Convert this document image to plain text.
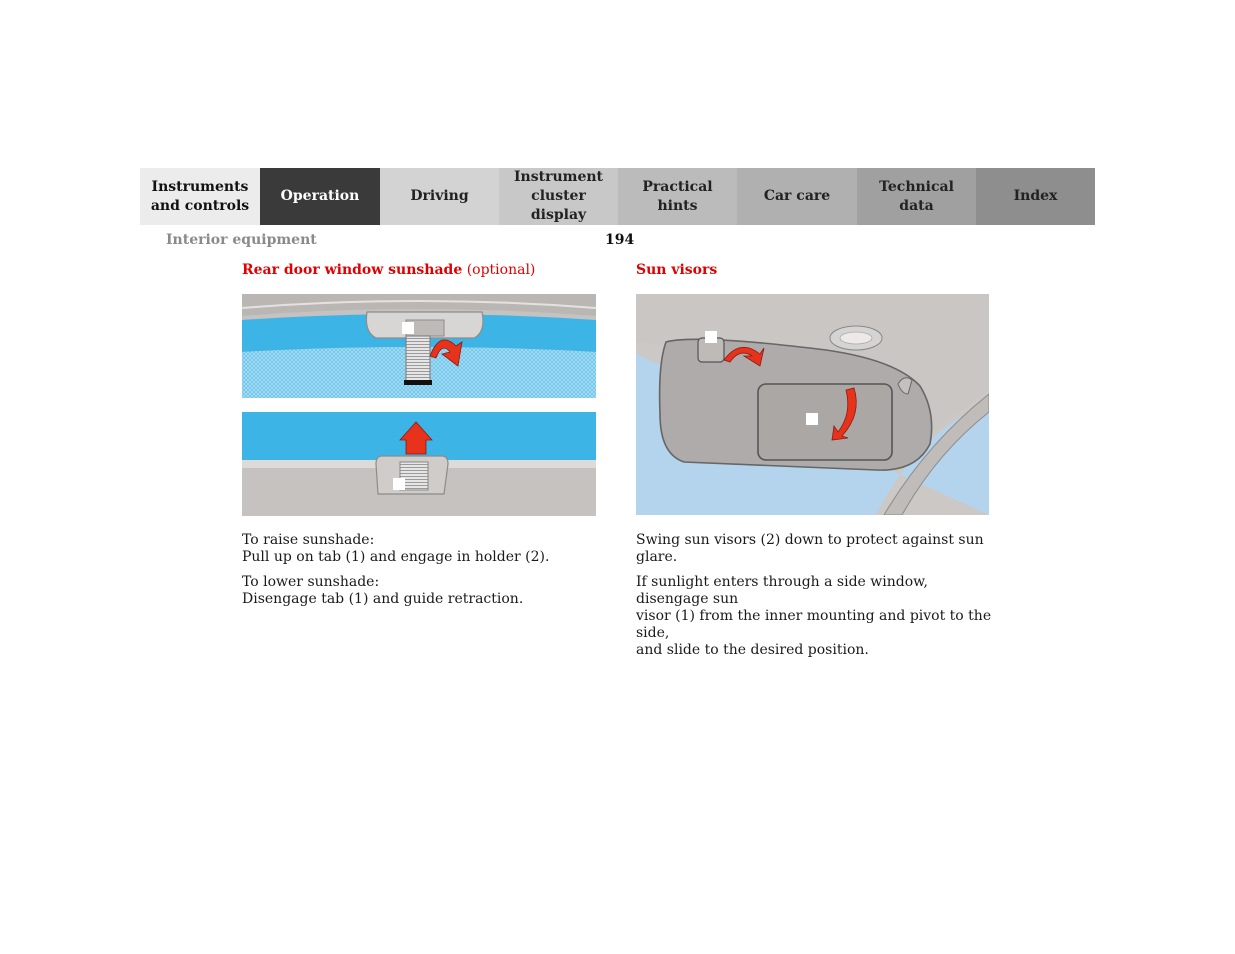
Instruments
and controls
Operation	Driving
Instrument
cluster display
Practical hints
Car care
Technical
data
Index
Interior equipment	194
Rear door window sunshade (optional)	Sun visors

To raise sunshade:
Pull up on tab (1) and engage in holder (2).

To lower sunshade:
Disengage tab (1) and guide retraction.

Swing sun visors (2) down to protect against sun glare.

If sunlight enters through a side window, disengage sun
visor (1) from the inner mounting and pivot to the side,
and slide to the desired position.
